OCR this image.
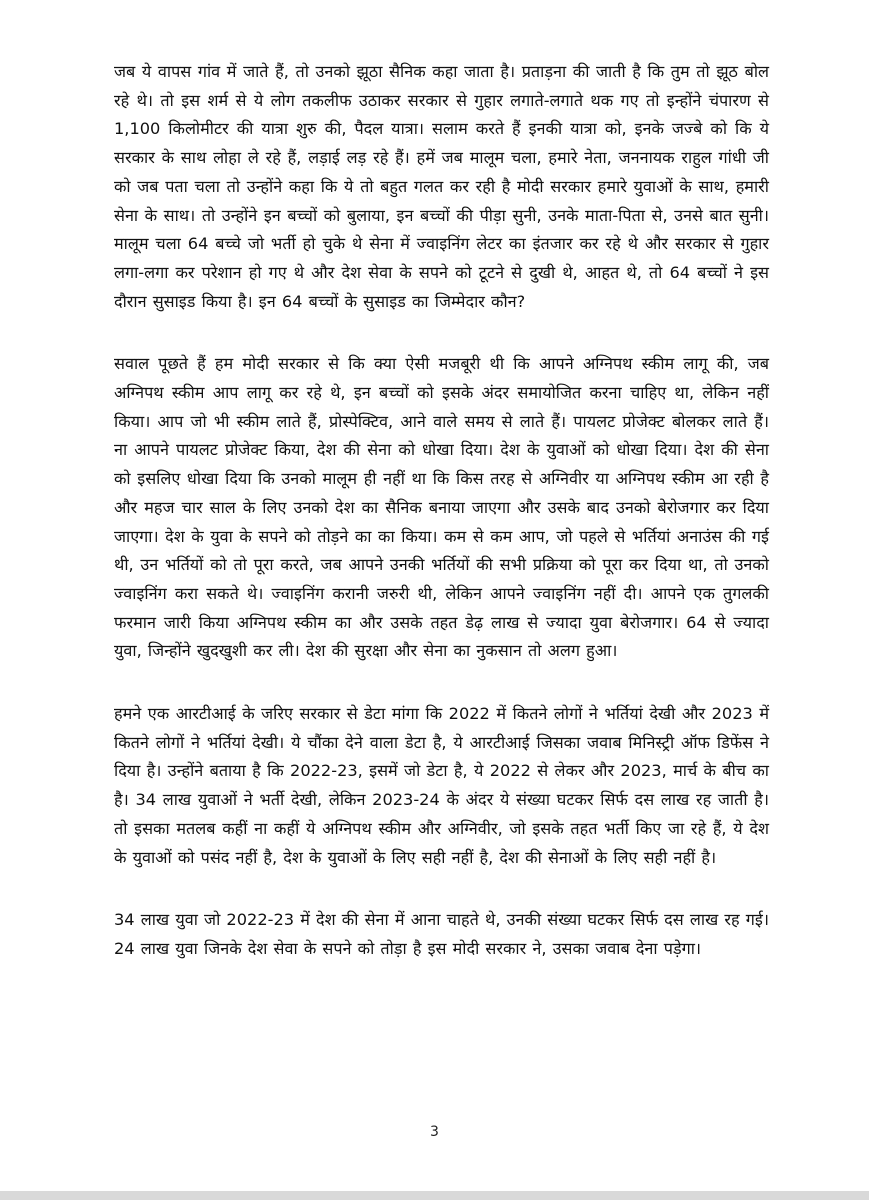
जब ये वापस गांव में जाते हैं, तो उनको झूठा सैनिक कहा जाता है। प्रताड़ना की जाती है कि तुम तो झूठ बोल रहे थे। तो इस शर्म से ये लोग तकलीफ उठाकर सरकार से गुहार लगाते-लगाते थक गए तो इन्होंने चंपारण से 1,100 किलोमीटर की यात्रा शुरु की, पैदल यात्रा। सलाम करते हैं इनकी यात्रा को, इनके जज्बे को कि ये सरकार के साथ लोहा ले रहे हैं, लड़ाई लड़ रहे हैं। हमें जब मालूम चला, हमारे नेता, जननायक राहुल गांधी जी को जब पता चला तो उन्होंने कहा कि ये तो बहुत गलत कर रही है मोदी सरकार हमारे युवाओं के साथ, हमारी सेना के साथ। तो उन्होंने इन बच्चों को बुलाया, इन बच्चों की पीड़ा सुनी, उनके माता-पिता से, उनसे बात सुनी। मालूम चला 64 बच्चे जो भर्ती हो चुके थे सेना में ज्वाइनिंग लेटर का इंतजार कर रहे थे और सरकार से गुहार लगा-लगा कर परेशान हो गए थे और देश सेवा के सपने को टूटने से दुखी थे, आहत थे, तो 64 बच्चों ने इस दौरान सुसाइड किया है। इन 64 बच्चों के सुसाइड का जिम्मेदार कौन?

सवाल पूछते हैं हम मोदी सरकार से कि क्या ऐसी मजबूरी थी कि आपने अग्निपथ स्कीम लागू की, जब अग्निपथ स्कीम आप लागू कर रहे थे, इन बच्चों को इसके अंदर समायोजित करना चाहिए था, लेकिन नहीं किया। आप जो भी स्कीम लाते हैं, प्रोस्पेक्टिव, आने वाले समय से लाते हैं। पायलट प्रोजेक्ट बोलकर लाते हैं। ना आपने पायलट प्रोजेक्ट किया, देश की सेना को धोखा दिया। देश के युवाओं को धोखा दिया। देश की सेना को इसलिए धोखा दिया कि उनको मालूम ही नहीं था कि किस तरह से अग्निवीर या अग्निपथ स्कीम आ रही है और महज चार साल के लिए उनको देश का सैनिक बनाया जाएगा और उसके बाद उनको बेरोजगार कर दिया जाएगा। देश के युवा के सपने को तोड़ने का का किया। कम से कम आप, जो पहले से भर्तियां अनाउंस की गई थी, उन भर्तियों को तो पूरा करते, जब आपने उनकी भर्तियों की सभी प्रक्रिया को पूरा कर दिया था, तो उनको ज्वाइनिंग करा सकते थे। ज्वाइनिंग करानी जरुरी थी, लेकिन आपने ज्वाइनिंग नहीं दी। आपने एक तुगलकी फरमान जारी किया अग्निपथ स्कीम का और उसके तहत डेढ़ लाख से ज्यादा युवा बेरोजगार। 64 से ज्यादा युवा, जिन्होंने खुदखुशी कर ली। देश की सुरक्षा और सेना का नुकसान तो अलग हुआ।

हमने एक आरटीआई के जरिए सरकार से डेटा मांगा कि 2022 में कितने लोगों ने भर्तियां देखी और 2023 में कितने लोगों ने भर्तियां देखी। ये चौंका देने वाला डेटा है, ये आरटीआई जिसका जवाब मिनिस्ट्री ऑफ डिफेंस ने दिया है। उन्होंने बताया है कि 2022-23, इसमें जो डेटा है, ये 2022 से लेकर और 2023, मार्च के बीच का है। 34 लाख युवाओं ने भर्ती देखी, लेकिन 2023-24 के अंदर ये संख्या घटकर सिर्फ दस लाख रह जाती है। तो इसका मतलब कहीं ना कहीं ये अग्निपथ स्कीम और अग्निवीर, जो इसके तहत भर्ती किए जा रहे हैं, ये देश के युवाओं को पसंद नहीं है, देश के युवाओं के लिए सही नहीं है, देश की सेनाओं के लिए सही नहीं है।

34 लाख युवा जो 2022-23 में देश की सेना में आना चाहते थे, उनकी संख्या घटकर सिर्फ दस लाख रह गई। 24 लाख युवा जिनके देश सेवा के सपने को तोड़ा है इस मोदी सरकार ने, उसका जवाब देना पड़ेगा।

3
